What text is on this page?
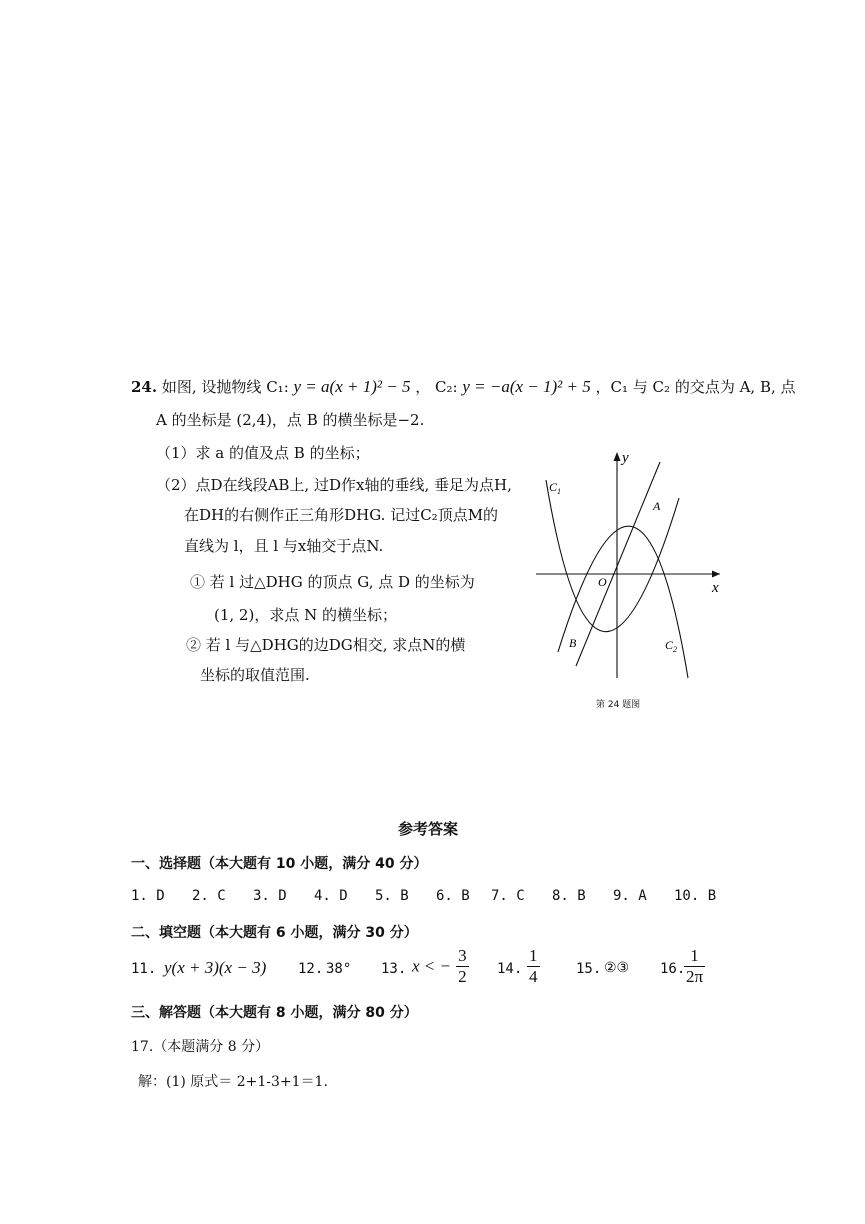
24. 如图, 设抛物线 C₁: y = a(x + 1)² − 5 ， C₂: y = −a(x − 1)² + 5 ，C₁ 与 C₂ 的交点为 A, B, 点
A 的坐标是 (2,4)，点 B 的横坐标是−2.
（1）求 a 的值及点 B 的坐标；
（2）点D在线段AB上, 过D作x轴的垂线, 垂足为点H,
在DH的右侧作正三角形DHG. 记过C₂顶点M的
直线为 l，且 l 与x轴交于点N.
① 若 l 过△DHG 的顶点 G, 点 D 的坐标为
(1, 2)，求点 N 的横坐标；
② 若 l 与△DHG的边DG相交, 求点N的横
坐标的取值范围.
y
x
O
A
B
$C_1$
$C_2$
第 24 题图
参考答案
一、选择题（本大题有 10 小题，满分 40 分）
1. D 2. C 3. D 4. D 5. B 6. B 7. C 8. B 9. A 10. B
二、填空题（本大题有 6 小题，满分 30 分）
11. y(x + 3)(x − 3) 12. 38° 13. x < − $\frac{3}{2} 14$. $\frac{1}{4}$	15. ②③ 16.
$\frac{1}{2\pi}$
三、解答题（本大题有 8 小题，满分 80 分）
17.（本题满分 8 分）
解：(1) 原式＝ 2+1-3+1＝1.
